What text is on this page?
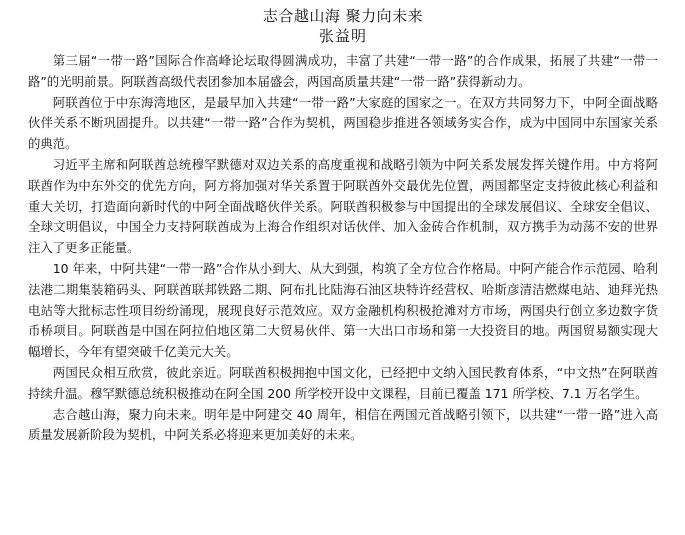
志合越山海 聚力向未来
张益明

第三届“一带一路”国际合作高峰论坛取得圆满成功，丰富了共建“一带一路”的合作成果，拓展了共建“一带一路”的光明前景。阿联酋高级代表团参加本届盛会，两国高质量共建“一带一路”获得新动力。

阿联酋位于中东海湾地区，是最早加入共建“一带一路”大家庭的国家之一。在双方共同努力下，中阿全面战略伙伴关系不断巩固提升。以共建“一带一路”合作为契机，两国稳步推进各领域务实合作，成为中国同中东国家关系的典范。

习近平主席和阿联酋总统穆罕默德对双边关系的高度重视和战略引领为中阿关系发展发挥关键作用。中方将阿联酋作为中东外交的优先方向，阿方将加强对华关系置于阿联酋外交最优先位置，两国都坚定支持彼此核心利益和重大关切，打造面向新时代的中阿全面战略伙伴关系。阿联酋积极参与中国提出的全球发展倡议、全球安全倡议、全球文明倡议，中国全力支持阿联酋成为上海合作组织对话伙伴、加入金砖合作机制，双方携手为动荡不安的世界注入了更多正能量。

10 年来，中阿共建“一带一路”合作从小到大、从大到强，构筑了全方位合作格局。中阿产能合作示范园、哈利法港二期集装箱码头、阿联酋联邦铁路二期、阿布扎比陆海石油区块特许经营权、哈斯彦清洁燃煤电站、迪拜光热电站等大批标志性项目纷纷涌现，展现良好示范效应。双方金融机构积极抢滩对方市场，两国央行创立多边数字货币桥项目。阿联酋是中国在阿拉伯地区第二大贸易伙伴、第一大出口市场和第一大投资目的地。两国贸易额实现大幅增长，今年有望突破千亿美元大关。

两国民众相互欣赏，彼此亲近。阿联酋积极拥抱中国文化，已经把中文纳入国民教育体系，“中文热”在阿联酋持续升温。穆罕默德总统积极推动在阿全国 200 所学校开设中文课程，目前已覆盖 171 所学校、7.1 万名学生。

志合越山海，聚力向未来。明年是中阿建交 40 周年，相信在两国元首战略引领下，以共建“一带一路”进入高质量发展新阶段为契机，中阿关系必将迎来更加美好的未来。
